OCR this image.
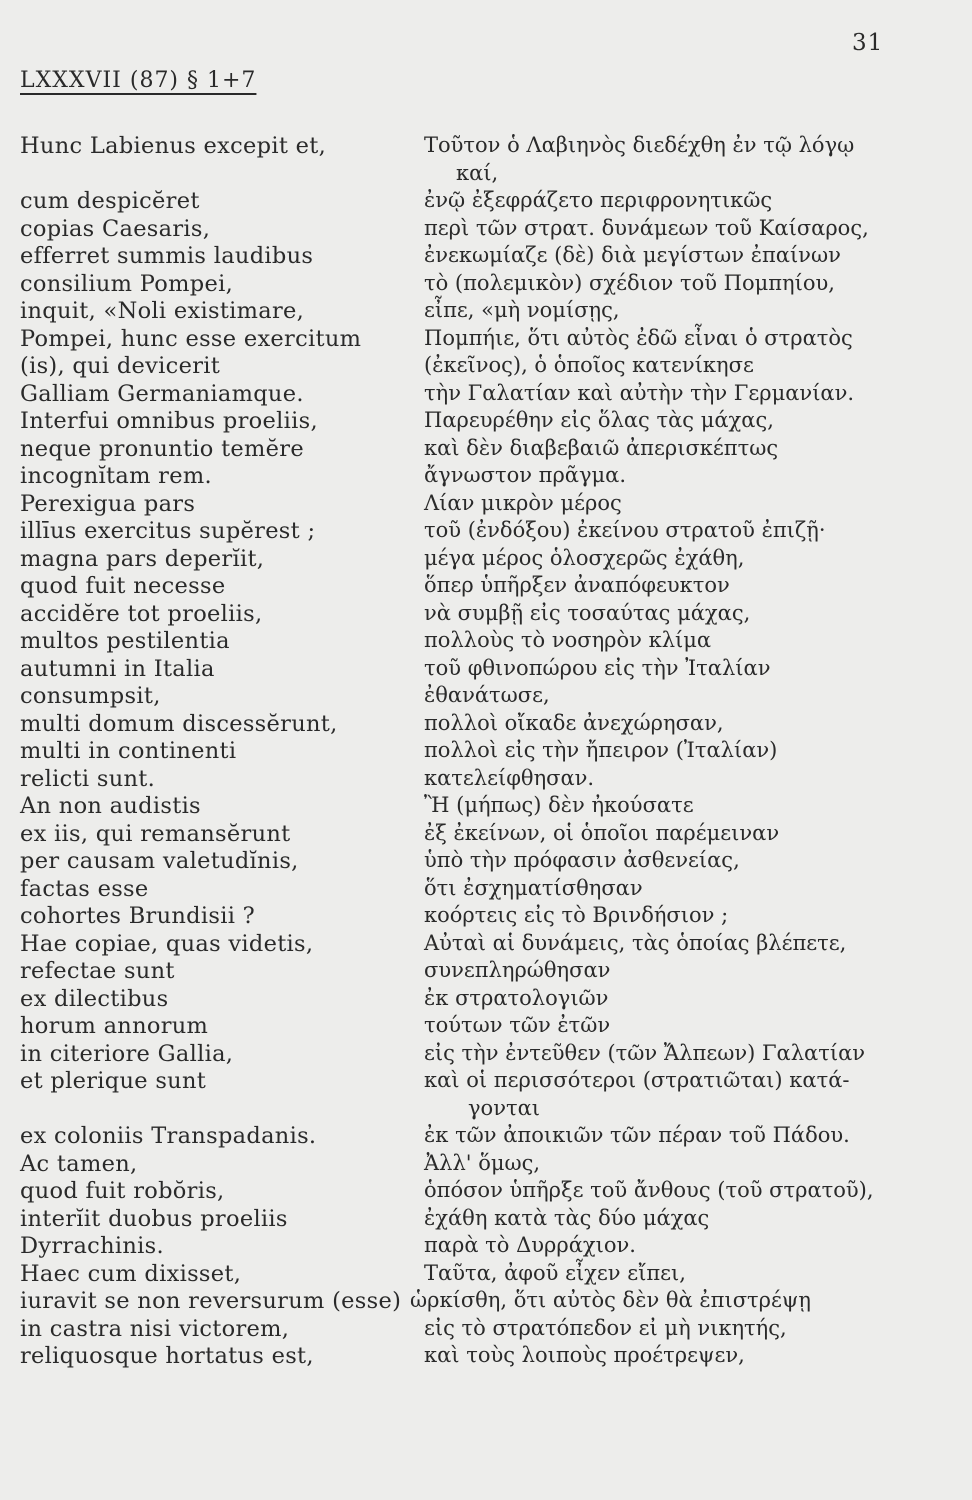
31
LXXXVII (87) § 1+7
Hunc Labienus excepit et,	Τοῦτον ὁ Λαβιηνὸς διεδέχθη ἐν τῷ λόγῳ
καί,
cum despicĕret	ἐνῷ ἐξεφράζετο περιφρονητικῶς
copias Caesaris,	περὶ τῶν στρατ. δυνάμεων τοῦ Καίσαρος,
efferret summis laudibus	ἐνεκωμίαζε (δὲ) διὰ μεγίστων ἐπαίνων
consilium Pompei,	τὸ (πολεμικὸν) σχέδιον τοῦ Πομπηίου,
inquit, «Noli existimare,	εἶπε, «μὴ νομίσῃς,
Pompei, hunc esse exercitum	Πομπήιε, ὅτι αὐτὸς ἐδῶ εἶναι ὁ στρατὸς
(is), qui devicerit	(ἐκεῖνος), ὁ ὁποῖος κατενίκησε
Galliam Germaniamque.	τὴν Γαλατίαν καὶ αὐτὴν τὴν Γερμανίαν.
Interfui omnibus proeliis,	Παρευρέθην εἰς ὅλας τὰς μάχας,
neque pronuntio temĕre	καὶ δὲν διαβεβαιῶ ἀπερισκέπτως
incognĭtam rem.	ἄγνωστον πρᾶγμα.
Perexigua pars	Λίαν μικρὸν μέρος
illīus exercitus supĕrest ;	τοῦ (ἐνδόξου) ἐκείνου στρατοῦ ἐπιζῇ·
magna pars deperĭit,	μέγα μέρος ὁλοσχερῶς ἐχάθη,
quod fuit necesse	ὅπερ ὑπῆρξεν ἀναπόφευκτον
accidĕre tot proeliis,	νὰ συμβῇ εἰς τοσαύτας μάχας,
multos pestilentia	πολλοὺς τὸ νοσηρὸν κλίμα
autumni in Italia	τοῦ φθινοπώρου εἰς τὴν Ἰταλίαν
consumpsit,	ἐθανάτωσε,
multi domum discessĕrunt,	πολλοὶ οἴκαδε ἀνεχώρησαν,
multi in continenti	πολλοὶ εἰς τὴν ἤπειρον (Ἰταλίαν)
relicti sunt.	κατελείφθησαν.
An non audistis	Ἢ (μήπως) δὲν ἠκούσατε
ex iis, qui remansĕrunt	ἐξ ἐκείνων, οἱ ὁποῖοι παρέμειναν
per causam valetudĭnis,	ὑπὸ τὴν πρόφασιν ἀσθενείας,
factas esse	ὅτι ἐσχηματίσθησαν
cohortes Brundisii ?	κοόρτεις εἰς τὸ Βρινδήσιον ;
Hae copiae, quas videtis,	Αὐταὶ αἱ δυνάμεις, τὰς ὁποίας βλέπετε,
refectae sunt	συνεπληρώθησαν
ex dilectibus	ἐκ στρατολογιῶν
horum annorum	τούτων τῶν ἐτῶν
in citeriore Gallia,	εἰς τὴν ἐντεῦθεν (τῶν Ἄλπεων) Γαλατίαν
et plerique sunt	καὶ οἱ περισσότεροι (στρατιῶται) κατά-
γονται
ex coloniis Transpadanis.	ἐκ τῶν ἀποικιῶν τῶν πέραν τοῦ Πάδου.
Ac tamen,	Ἀλλ' ὅμως,
quod fuit robŏris,	ὁπόσον ὑπῆρξε τοῦ ἄνθους (τοῦ στρατοῦ),
interĭit duobus proeliis	ἐχάθη κατὰ τὰς δύο μάχας
Dyrrachinis.	παρὰ τὸ Δυρράχιον.
Haec cum dixisset,	Ταῦτα, ἀφοῦ εἶχεν εἴπει,
iuravit se non reversurum (esse) ὡρκίσθη, ὅτι αὐτὸς δὲν θὰ ἐπιστρέψῃ
in castra nisi victorem,	εἰς τὸ στρατόπεδον εἰ μὴ νικητής,
reliquosque hortatus est,	καὶ τοὺς λοιποὺς προέτρεψεν,
